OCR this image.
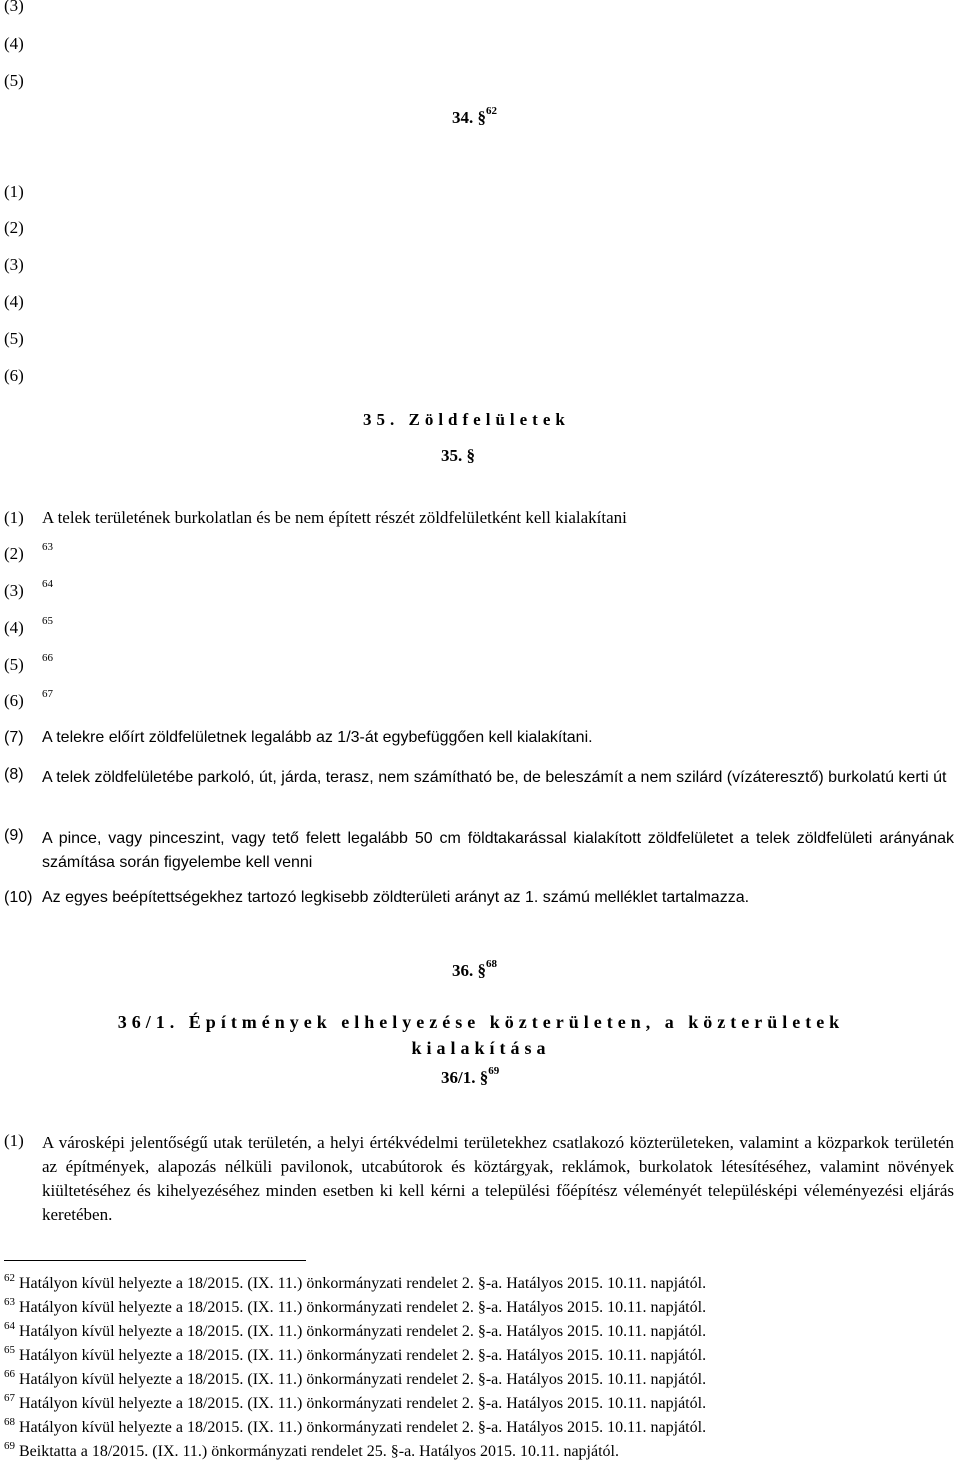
(3)
(4)
(5)
34. §$^{62}$
(1)
(2)
(3)
(4)
(5)
(6)
35. Zöldfelületek
35. §
(1) A telek területének burkolatlan és be nem épített részét zöldfelületként kell kialakítani
(2) 63
(3) 64
(4) 65
(5) 66
(6) 67
(7) A telekre előírt zöldfelületnek legalább az 1/3-át egybefüggően kell kialakítani.
(8) A telek zöldfelületébe parkoló, út, járda, terasz, nem számítható be, de beleszámít a nem szilárd (vízáteresztő) burkolatú kerti út
(9) A pince, vagy pinceszint, vagy tető felett legalább 50 cm földtakarással kialakított zöldfelületet a telek zöldfelületi arányának számítása során figyelembe kell venni
(10) Az egyes beépítettségekhez tartozó legkisebb zöldterületi arányt az 1. számú melléklet tartalmazza.
36. §$^{68}$
36/1. Építmények elhelyezése közterületen, a közterületek
kialakítása
36/1. §$^{69}$
(1) A városképi jelentőségű utak területén, a helyi értékvédelmi területekhez csatlakozó közterületeken, valamint a közparkok területén az építmények, alapozás nélküli pavilonok, utcabútorok és köztárgyak, reklámok, burkolatok létesítéséhez, valamint növények kiültetéséhez és kihelyezéséhez minden esetben ki kell kérni a települési főépítész véleményét településképi véleményezési eljárás keretében.
$^{62}$ Hatályon kívül helyezte a 18/2015. (IX. 11.) önkormányzati rendelet 2. §-a. Hatályos 2015. 10.11. napjától.
$^{63}$ Hatályon kívül helyezte a 18/2015. (IX. 11.) önkormányzati rendelet 2. §-a. Hatályos 2015. 10.11. napjától.
$^{64}$ Hatályon kívül helyezte a 18/2015. (IX. 11.) önkormányzati rendelet 2. §-a. Hatályos 2015. 10.11. napjától.
$^{65}$ Hatályon kívül helyezte a 18/2015. (IX. 11.) önkormányzati rendelet 2. §-a. Hatályos 2015. 10.11. napjától.
$^{66}$ Hatályon kívül helyezte a 18/2015. (IX. 11.) önkormányzati rendelet 2. §-a. Hatályos 2015. 10.11. napjától.
$^{67}$ Hatályon kívül helyezte a 18/2015. (IX. 11.) önkormányzati rendelet 2. §-a. Hatályos 2015. 10.11. napjától.
$^{68}$ Hatályon kívül helyezte a 18/2015. (IX. 11.) önkormányzati rendelet 2. §-a. Hatályos 2015. 10.11. napjától.
$^{69}$ Beiktatta a 18/2015. (IX. 11.) önkormányzati rendelet 25. §-a. Hatályos 2015. 10.11. napjától.
